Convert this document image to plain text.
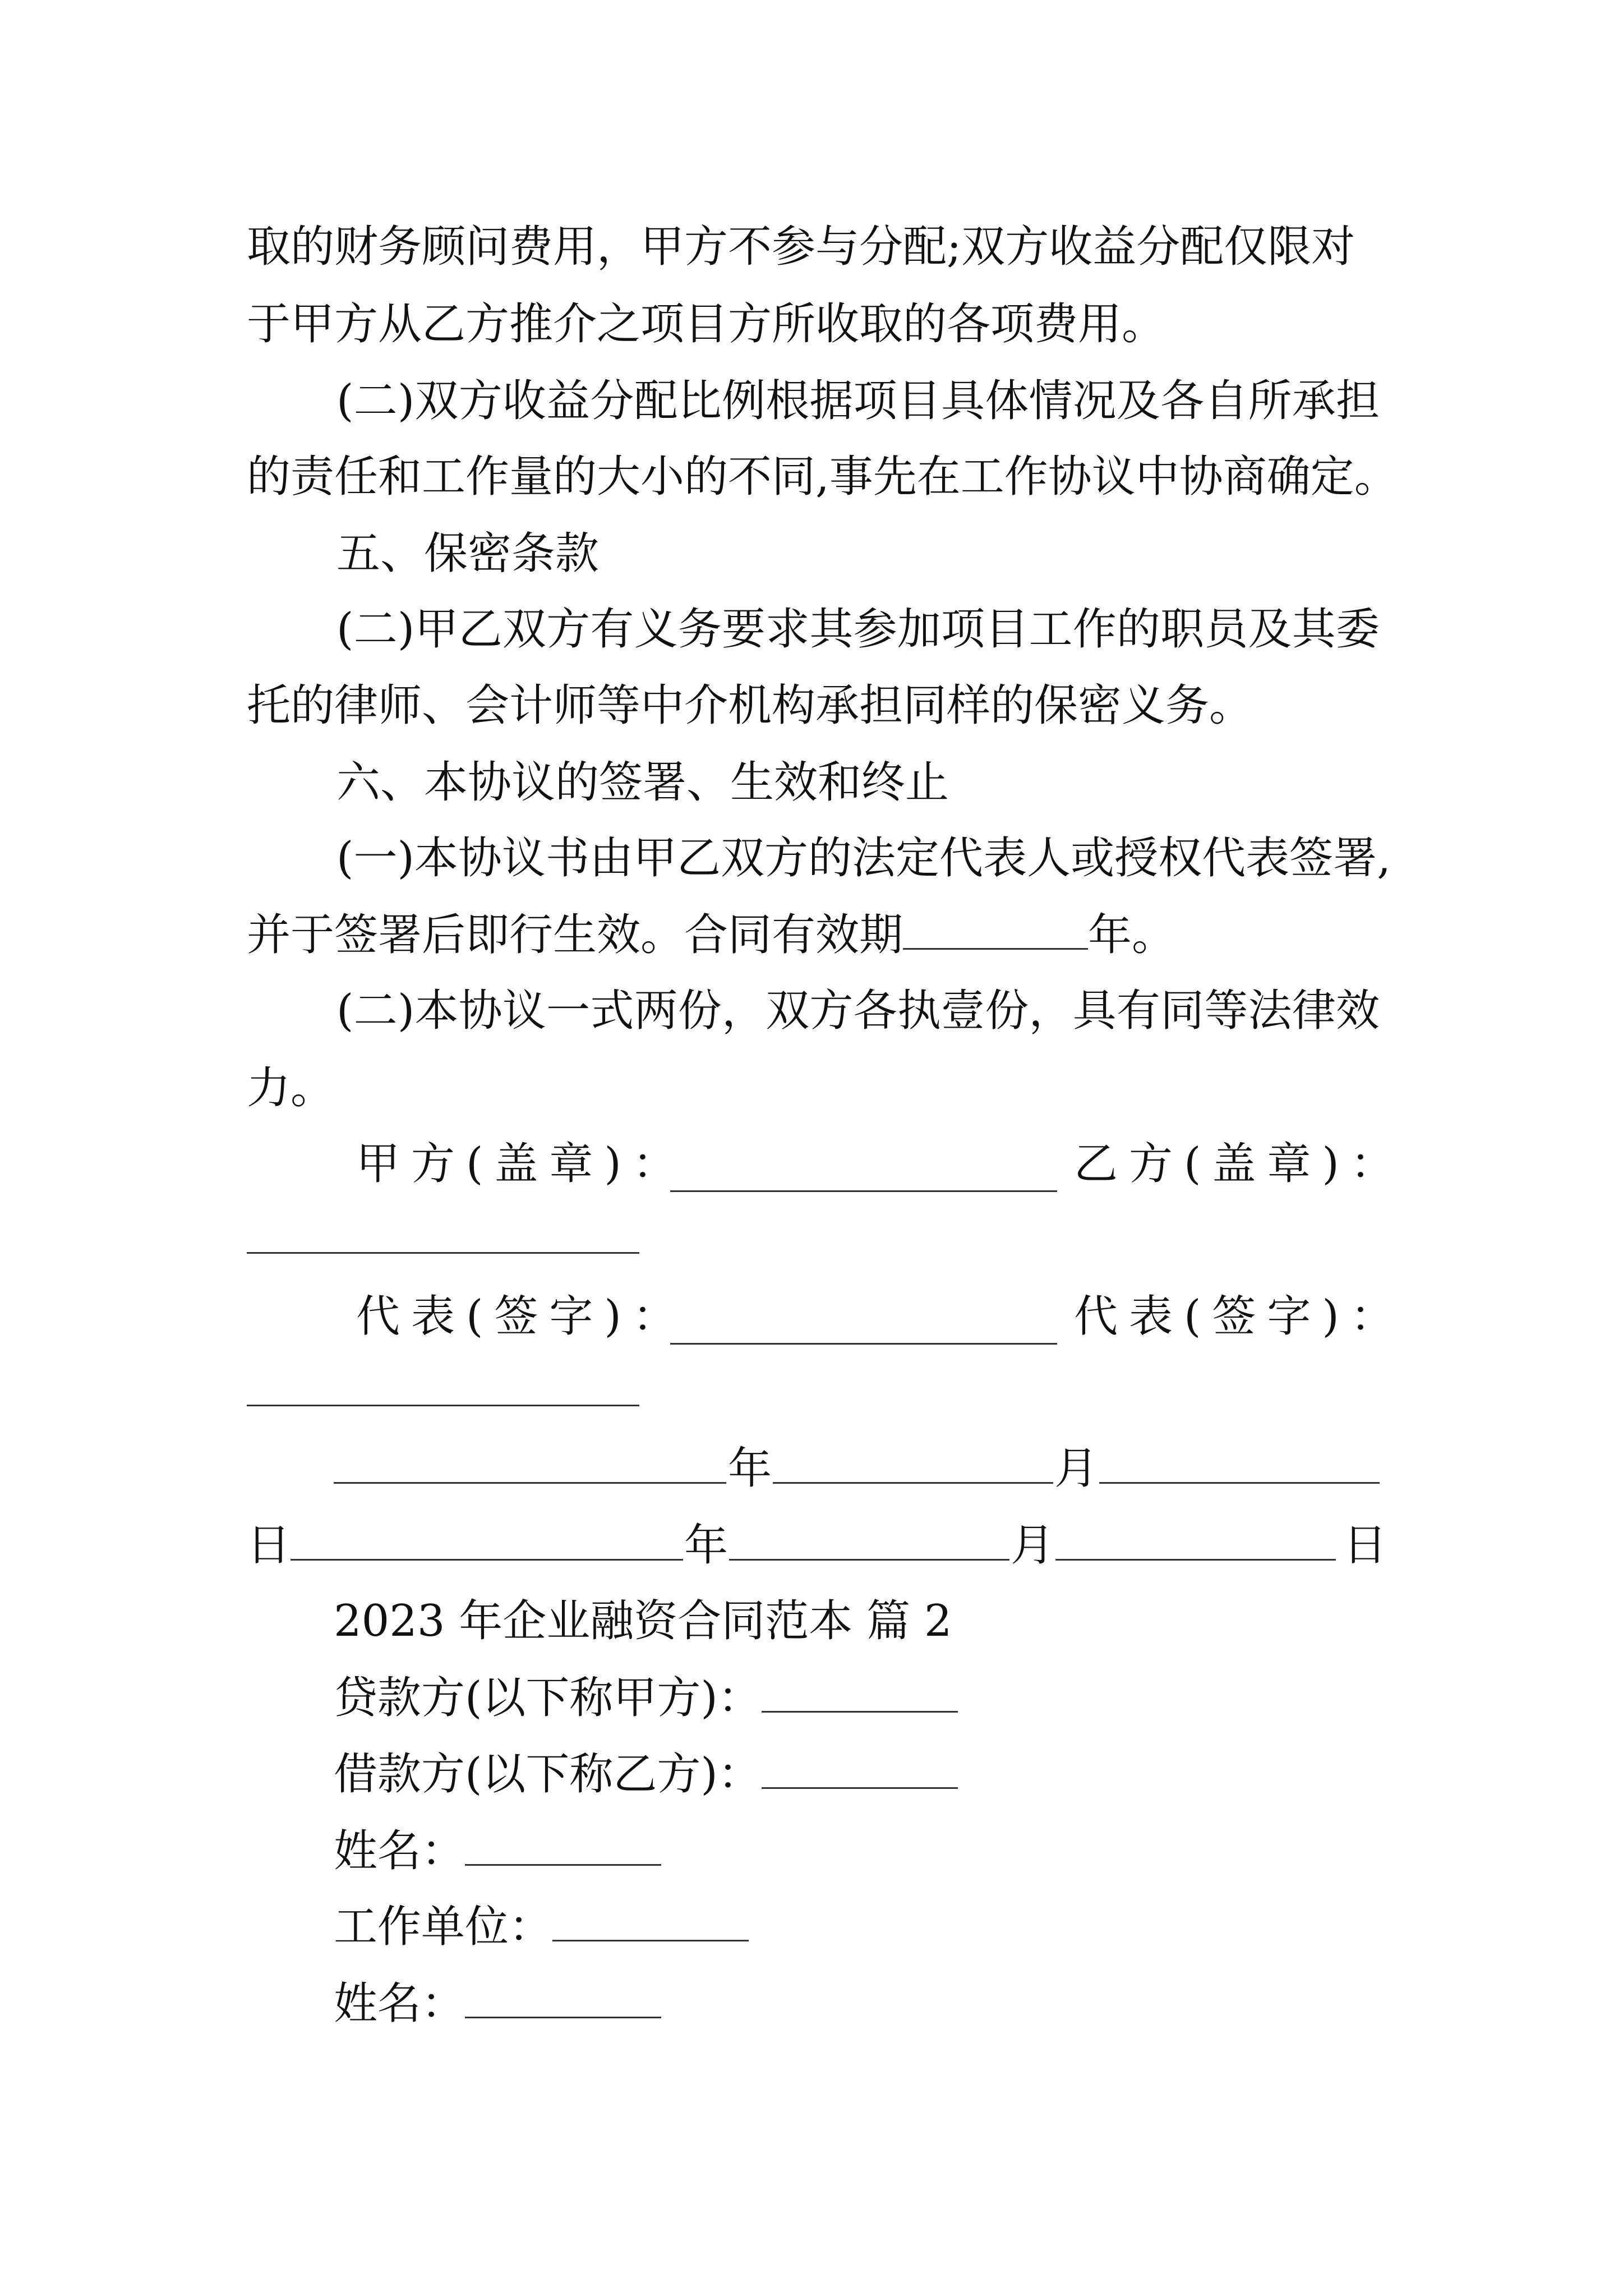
取的财务顾问费用，甲方不参与分配;双方收益分配仅限对
于甲方从乙方推介之项目方所收取的各项费用。
(二)双方收益分配比例根据项目具体情况及各自所承担
的责任和工作量的大小的不同,事先在工作协议中协商确定。
五、保密条款
(二)甲乙双方有义务要求其参加项目工作的职员及其委
托的律师、会计师等中介机构承担同样的保密义务。
六、本协议的签署、生效和终止
(一)本协议书由甲乙双方的法定代表人或授权代表签署,
并于签署后即行生效。合同有效期	年。
(二)本协议一式两份，双方各执壹份，具有同等法律效
力。
甲方(盖章)：	乙方(盖章)：
代表(签字)：	代表(签字)：
年	月
日	年	月	日
2023 年企业融资合同范本 篇 2
贷款方(以下称甲方)：
借款方(以下称乙方)：
姓名：
工作单位：
姓名：
